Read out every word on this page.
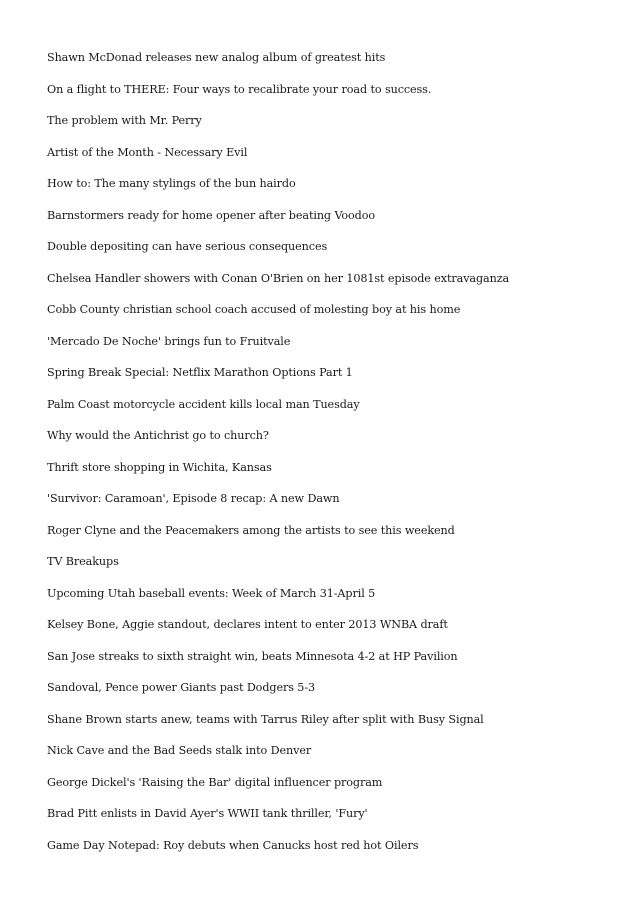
Shawn McDonad releases new analog album of greatest hits
On a flight to THERE: Four ways to recalibrate your road to success.
The problem with Mr. Perry
Artist of the Month - Necessary Evil
How to: The many stylings of the bun hairdo
Barnstormers ready for home opener after beating Voodoo
Double depositing can have serious consequences
Chelsea Handler showers with Conan O'Brien on her 1081st episode extravaganza
Cobb County christian school coach accused of molesting boy at his home
'Mercado De Noche' brings fun to Fruitvale
Spring Break Special: Netflix Marathon Options Part 1
Palm Coast motorcycle accident kills local man Tuesday
Why would the Antichrist go to church?
Thrift store shopping in Wichita, Kansas
'Survivor: Caramoan', Episode 8 recap: A new Dawn
Roger Clyne and the Peacemakers among the artists to see this weekend
TV Breakups
Upcoming Utah baseball events: Week of March 31-April 5
Kelsey Bone, Aggie standout, declares intent to enter 2013 WNBA draft
San Jose streaks to sixth straight win, beats Minnesota 4-2 at HP Pavilion
Sandoval, Pence power Giants past Dodgers 5-3
Shane Brown starts anew, teams with Tarrus Riley after split with Busy Signal
Nick Cave and the Bad Seeds stalk into Denver
George Dickel's 'Raising the Bar' digital influencer program
Brad Pitt enlists in David Ayer's WWII tank thriller, 'Fury'
Game Day Notepad: Roy debuts when Canucks host red hot Oilers
